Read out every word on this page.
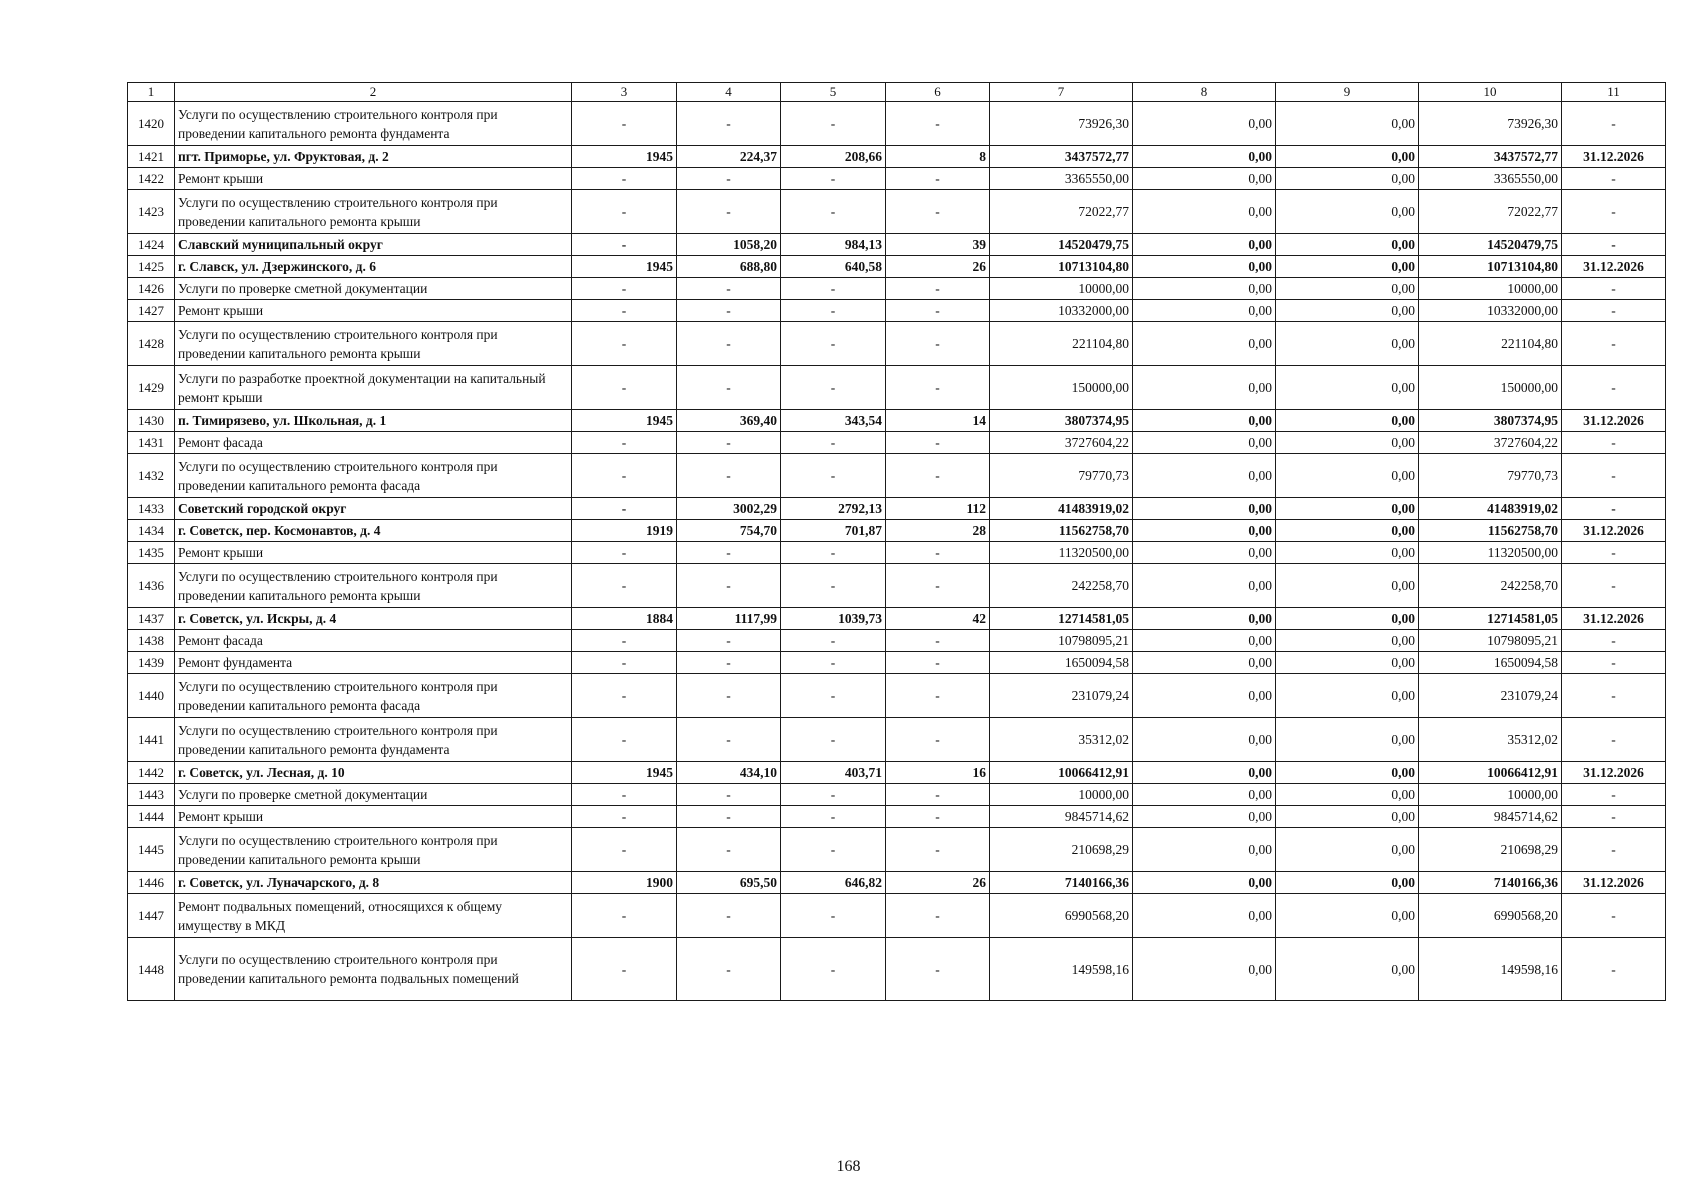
1	2	3	4	5	6	7	8	9	10	11
1420	Услуги по осуществлению строительного контроля при проведении капитального ремонта фундамента	-	-	-	-	73926,30	0,00	0,00	73926,30	-
1421	пгт. Приморье, ул. Фруктовая, д. 2	1945	224,37	208,66	8	3437572,77	0,00	0,00	3437572,77	31.12.2026
1422	Ремонт крыши	-	-	-	-	3365550,00	0,00	0,00	3365550,00	-
1423	Услуги по осуществлению строительного контроля при проведении капитального ремонта крыши	-	-	-	-	72022,77	0,00	0,00	72022,77	-
1424	Славский муниципальный округ	-	1058,20	984,13	39	14520479,75	0,00	0,00	14520479,75	-
1425	г. Славск, ул. Дзержинского, д. 6	1945	688,80	640,58	26	10713104,80	0,00	0,00	10713104,80	31.12.2026
1426	Услуги по проверке сметной документации	-	-	-	-	10000,00	0,00	0,00	10000,00	-
1427	Ремонт крыши	-	-	-	-	10332000,00	0,00	0,00	10332000,00	-
1428	Услуги по осуществлению строительного контроля при проведении капитального ремонта крыши	-	-	-	-	221104,80	0,00	0,00	221104,80	-
1429	Услуги по разработке проектной документации на капитальный ремонт крыши	-	-	-	-	150000,00	0,00	0,00	150000,00	-
1430	п. Тимирязево, ул. Школьная, д. 1	1945	369,40	343,54	14	3807374,95	0,00	0,00	3807374,95	31.12.2026
1431	Ремонт фасада	-	-	-	-	3727604,22	0,00	0,00	3727604,22	-
1432	Услуги по осуществлению строительного контроля при проведении капитального ремонта фасада	-	-	-	-	79770,73	0,00	0,00	79770,73	-
1433	Советский городской округ	-	3002,29	2792,13	112	41483919,02	0,00	0,00	41483919,02	-
1434	г. Советск, пер. Космонавтов, д. 4	1919	754,70	701,87	28	11562758,70	0,00	0,00	11562758,70	31.12.2026
1435	Ремонт крыши	-	-	-	-	11320500,00	0,00	0,00	11320500,00	-
1436	Услуги по осуществлению строительного контроля при проведении капитального ремонта крыши	-	-	-	-	242258,70	0,00	0,00	242258,70	-
1437	г. Советск, ул. Искры, д. 4	1884	1117,99	1039,73	42	12714581,05	0,00	0,00	12714581,05	31.12.2026
1438	Ремонт фасада	-	-	-	-	10798095,21	0,00	0,00	10798095,21	-
1439	Ремонт фундамента	-	-	-	-	1650094,58	0,00	0,00	1650094,58	-
1440	Услуги по осуществлению строительного контроля при проведении капитального ремонта фасада	-	-	-	-	231079,24	0,00	0,00	231079,24	-
1441	Услуги по осуществлению строительного контроля при проведении капитального ремонта фундамента	-	-	-	-	35312,02	0,00	0,00	35312,02	-
1442	г. Советск, ул. Лесная, д. 10	1945	434,10	403,71	16	10066412,91	0,00	0,00	10066412,91	31.12.2026
1443	Услуги по проверке сметной документации	-	-	-	-	10000,00	0,00	0,00	10000,00	-
1444	Ремонт крыши	-	-	-	-	9845714,62	0,00	0,00	9845714,62	-
1445	Услуги по осуществлению строительного контроля при проведении капитального ремонта крыши	-	-	-	-	210698,29	0,00	0,00	210698,29	-
1446	г. Советск, ул. Луначарского, д. 8	1900	695,50	646,82	26	7140166,36	0,00	0,00	7140166,36	31.12.2026
1447	Ремонт подвальных помещений, относящихся к общему имуществу в МКД	-	-	-	-	6990568,20	0,00	0,00	6990568,20	-
1448	Услуги по осуществлению строительного контроля при проведении капитального ремонта подвальных помещений	-	-	-	-	149598,16	0,00	0,00	149598,16	-
168
